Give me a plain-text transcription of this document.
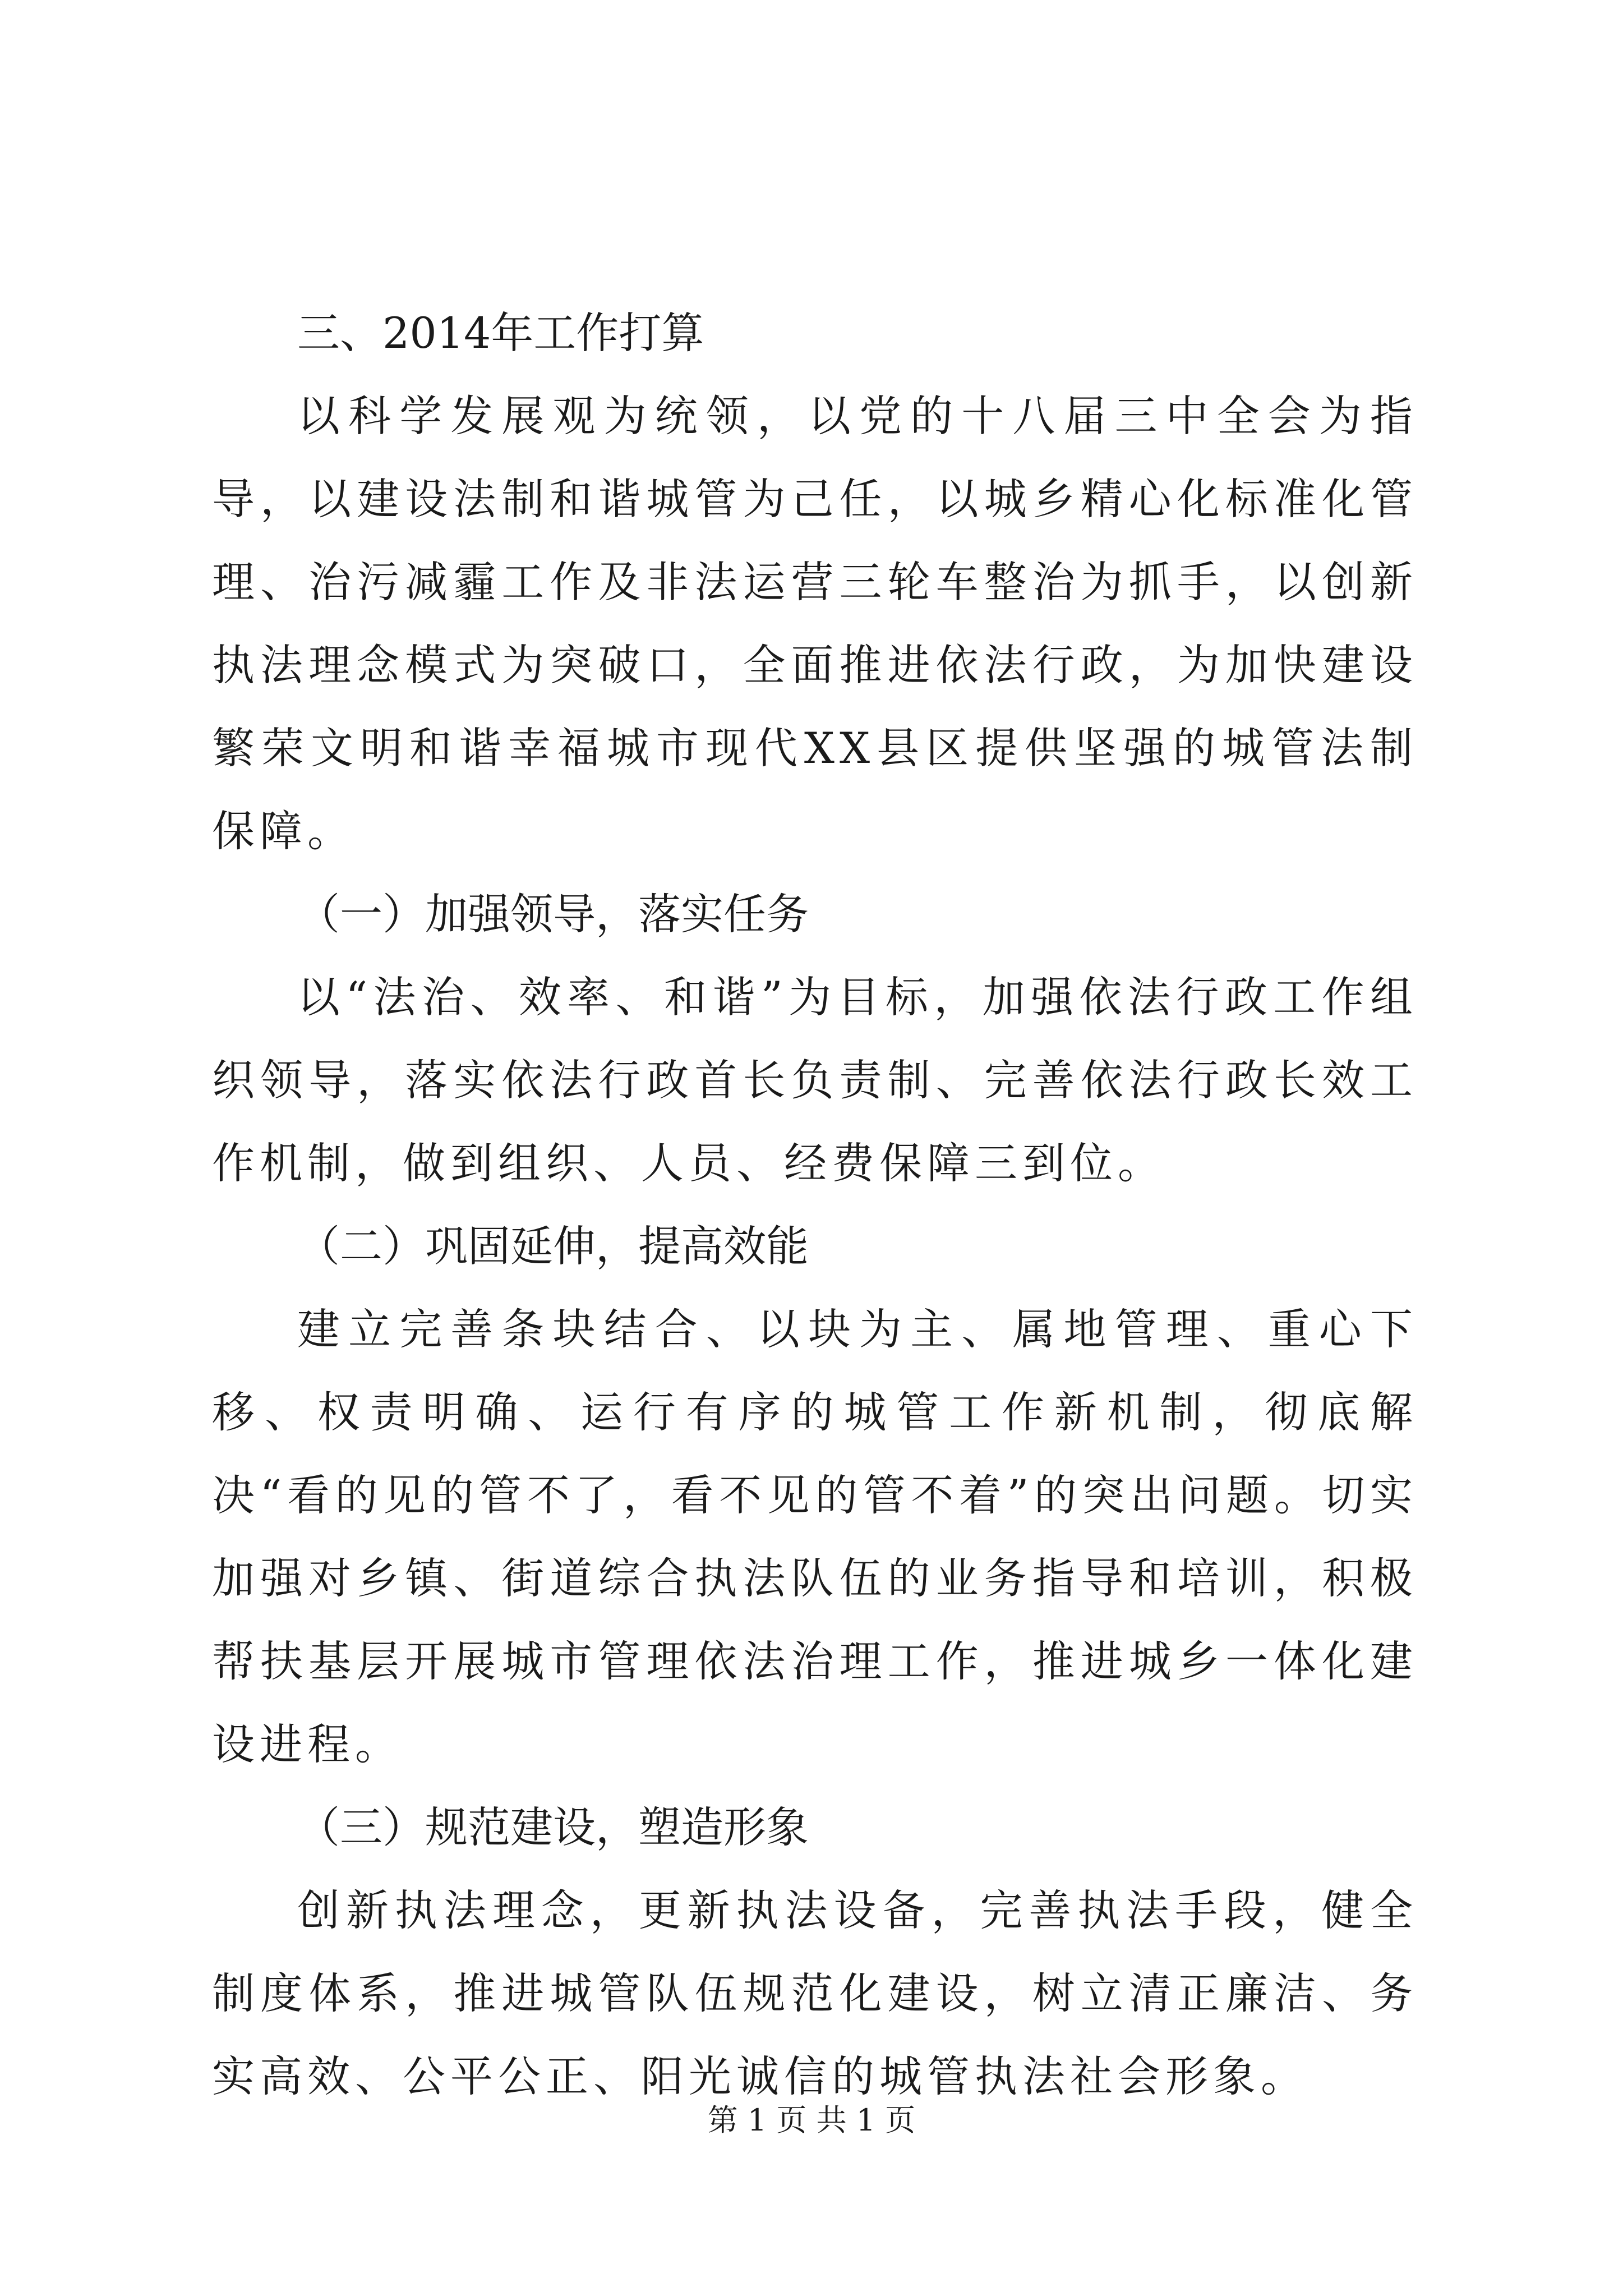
三、2014年工作打算

以科学发展观为统领，以党的十八届三中全会为指导，以建设法制和谐城管为己任，以城乡精心化标准化管理、治污减霾工作及非法运营三轮车整治为抓手，以创新执法理念模式为突破口，全面推进依法行政，为加快建设繁荣文明和谐幸福城市现代XX县区提供坚强的城管法制保障。

（一）加强领导，落实任务

以“法治、效率、和谐”为目标，加强依法行政工作组织领导，落实依法行政首长负责制、完善依法行政长效工作机制，做到组织、人员、经费保障三到位。

（二）巩固延伸，提高效能

建立完善条块结合、以块为主、属地管理、重心下移、权责明确、运行有序的城管工作新机制，彻底解决“看的见的管不了，看不见的管不着”的突出问题。切实加强对乡镇、街道综合执法队伍的业务指导和培训，积极帮扶基层开展城市管理依法治理工作，推进城乡一体化建设进程。

（三）规范建设，塑造形象

创新执法理念，更新执法设备，完善执法手段，健全制度体系，推进城管队伍规范化建设，树立清正廉洁、务实高效、公平公正、阳光诚信的城管执法社会形象。

第 1 页 共 1 页
